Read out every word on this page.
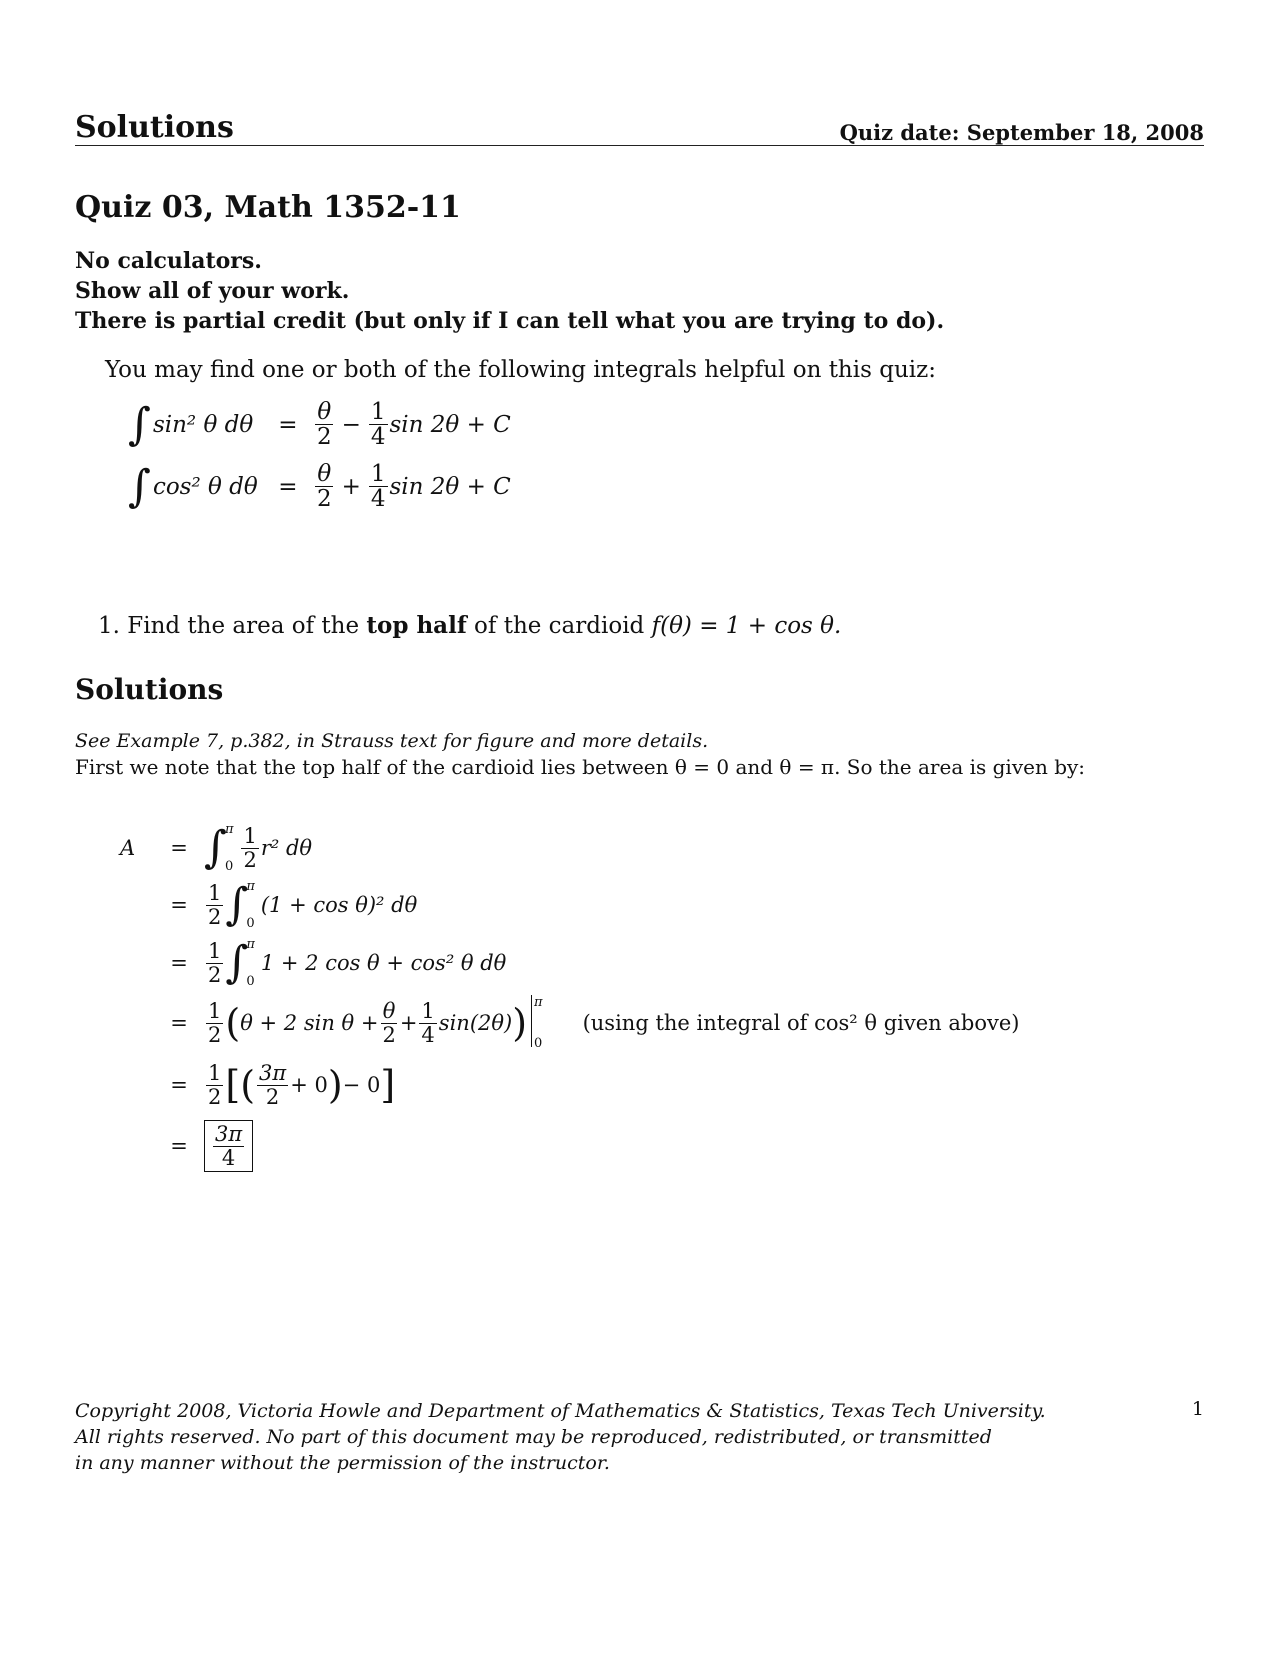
Solutions	Quiz date: September 18, 2008
Quiz 03, Math 1352-11
No calculators.
Show all of your work.
There is partial credit (but only if I can tell what you are trying to do).
You may find one or both of the following integrals helpful on this quiz:
∫ sin² θ dθ	= $\frac{\theta}{2} - \frac{1}{4}$ sin 2θ + C
∫ cos² θ $d\theta = \frac{\theta}{2} + \frac{1}{4}$ sin 2θ + C
1. Find the area of the top half of the cardioid f(θ) = 1 + cos θ.
Solutions
See Example 7, p.382, in Strauss text for figure and more details.
First we note that the top half of the cardioid lies between θ = 0 and θ = π. So the area is given by:
A	= ∫
π
$0 \frac{1}{2} r^2$ dθ
= $\frac{1}{2}$ ∫
π
0
(1 + cos θ)² dθ
= $\frac{1}{2}$ ∫
π
0
1 + 2 cos θ + cos² θ dθ
= $\frac{1}{2}$ ( θ + 2 $\sin \theta + \frac{\theta}{2} + \frac{1}{4} \sin(2\theta)$ ) π
0
(using the integral of cos² θ given above)
= $\frac{1}{2}$ [ ( $\frac{3\pi}{2} + 0$ ) − 0 ]
=	$\frac{3\pi}{4}$
Copyright 2008, Victoria Howle and Department of Mathematics & Statistics, Texas Tech University.
All rights reserved. No part of this document may be reproduced, redistributed, or transmitted
in any manner without the permission of the instructor.
1
